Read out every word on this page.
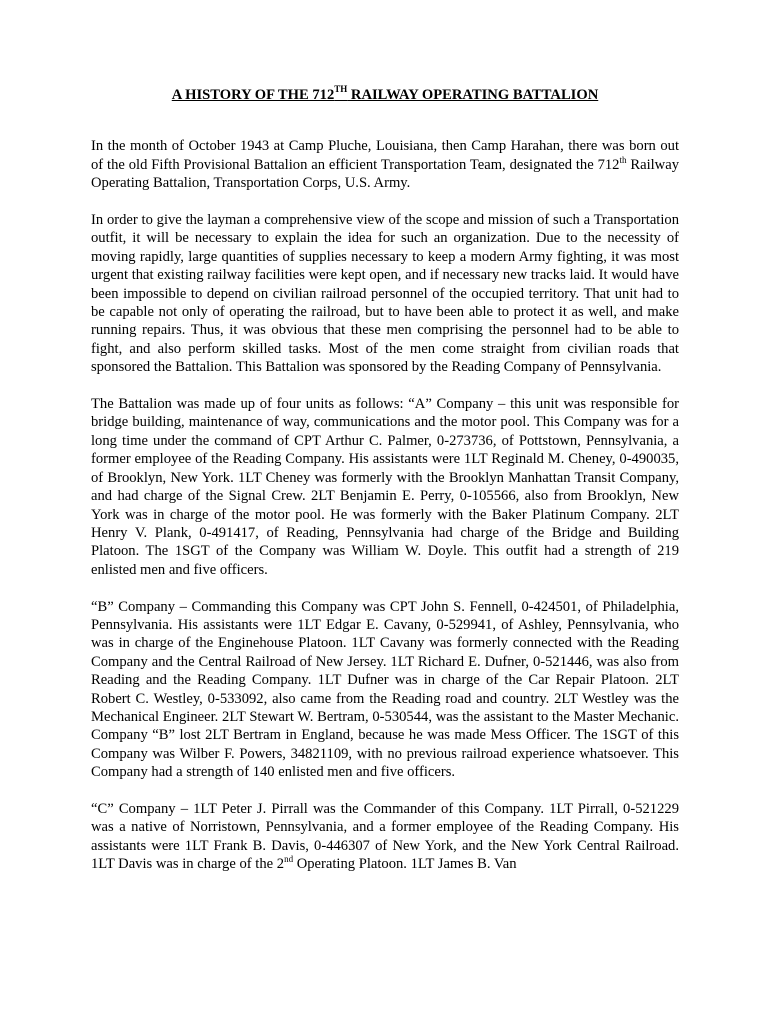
A HISTORY OF THE 712TH RAILWAY OPERATING BATTALION

In the month of October 1943 at Camp Pluche, Louisiana, then Camp Harahan, there was born out of the old Fifth Provisional Battalion an efficient Transportation Team, designated the 712th Railway Operating Battalion, Transportation Corps, U.S. Army.

In order to give the layman a comprehensive view of the scope and mission of such a Transportation outfit, it will be necessary to explain the idea for such an organization. Due to the necessity of moving rapidly, large quantities of supplies necessary to keep a modern Army fighting, it was most urgent that existing railway facilities were kept open, and if necessary new tracks laid. It would have been impossible to depend on civilian railroad personnel of the occupied territory. That unit had to be capable not only of operating the railroad, but to have been able to protect it as well, and make running repairs. Thus, it was obvious that these men comprising the personnel had to be able to fight, and also perform skilled tasks. Most of the men come straight from civilian roads that sponsored the Battalion. This Battalion was sponsored by the Reading Company of Pennsylvania.

The Battalion was made up of four units as follows: “A” Company – this unit was responsible for bridge building, maintenance of way, communications and the motor pool. This Company was for a long time under the command of CPT Arthur C. Palmer, 0-273736, of Pottstown, Pennsylvania, a former employee of the Reading Company. His assistants were 1LT Reginald M. Cheney, 0-490035, of Brooklyn, New York. 1LT Cheney was formerly with the Brooklyn Manhattan Transit Company, and had charge of the Signal Crew. 2LT Benjamin E. Perry, 0-105566, also from Brooklyn, New York was in charge of the motor pool. He was formerly with the Baker Platinum Company. 2LT Henry V. Plank, 0-491417, of Reading, Pennsylvania had charge of the Bridge and Building Platoon. The 1SGT of the Company was William W. Doyle. This outfit had a strength of 219 enlisted men and five officers.

“B” Company – Commanding this Company was CPT John S. Fennell, 0-424501, of Philadelphia, Pennsylvania. His assistants were 1LT Edgar E. Cavany, 0-529941, of Ashley, Pennsylvania, who was in charge of the Enginehouse Platoon. 1LT Cavany was formerly connected with the Reading Company and the Central Railroad of New Jersey. 1LT Richard E. Dufner, 0-521446, was also from Reading and the Reading Company. 1LT Dufner was in charge of the Car Repair Platoon. 2LT Robert C. Westley, 0-533092, also came from the Reading road and country. 2LT Westley was the Mechanical Engineer. 2LT Stewart W. Bertram, 0-530544, was the assistant to the Master Mechanic. Company “B” lost 2LT Bertram in England, because he was made Mess Officer. The 1SGT of this Company was Wilber F. Powers, 34821109, with no previous railroad experience whatsoever. This Company had a strength of 140 enlisted men and five officers.

“C” Company – 1LT Peter J. Pirrall was the Commander of this Company. 1LT Pirrall, 0-521229 was a native of Norristown, Pennsylvania, and a former employee of the Reading Company. His assistants were 1LT Frank B. Davis, 0-446307 of New York, and the New York Central Railroad. 1LT Davis was in charge of the 2nd Operating Platoon. 1LT James B. Van
